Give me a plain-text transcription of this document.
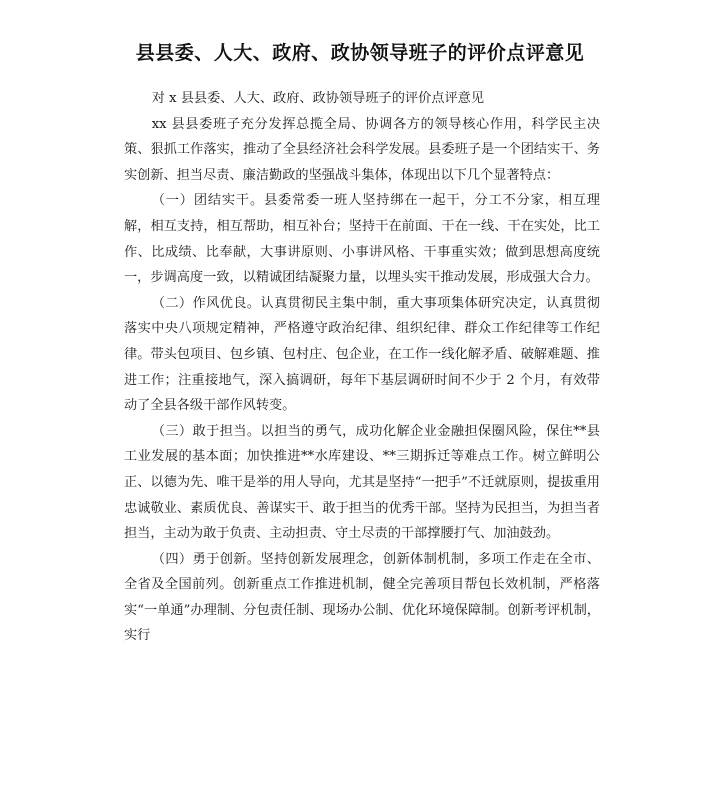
县县委、人大、政府、政协领导班子的评价点评意见

对 x 县县委、人大、政府、政协领导班子的评价点评意见

xx 县县委班子充分发挥总揽全局、协调各方的领导核心作用，科学民主决策、狠抓工作落实，推动了全县经济社会科学发展。县委班子是一个团结实干、务实创新、担当尽责、廉洁勤政的坚强战斗集体，体现出以下几个显著特点：

（一）团结实干。县委常委一班人坚持绑在一起干，分工不分家，相互理解，相互支持，相互帮助，相互补台；坚持干在前面、干在一线、干在实处，比工作、比成绩、比奉献，大事讲原则、小事讲风格、干事重实效；做到思想高度统一，步调高度一致，以精诚团结凝聚力量，以埋头实干推动发展，形成强大合力。

（二）作风优良。认真贯彻民主集中制，重大事项集体研究决定，认真贯彻落实中央八项规定精神，严格遵守政治纪律、组织纪律、群众工作纪律等工作纪律。带头包项目、包乡镇、包村庄、包企业，在工作一线化解矛盾、破解难题、推进工作；注重接地气，深入搞调研，每年下基层调研时间不少于 2 个月，有效带动了全县各级干部作风转变。

（三）敢于担当。以担当的勇气，成功化解企业金融担保圈风险，保住**县工业发展的基本面；加快推进**水库建设、**三期拆迁等难点工作。树立鲜明公正、以德为先、唯干是举的用人导向，尤其是坚持“一把手”不迁就原则，提拔重用忠诚敬业、素质优良、善谋实干、敢于担当的优秀干部。坚持为民担当，为担当者担当，主动为敢于负责、主动担责、守土尽责的干部撑腰打气、加油鼓劲。

（四）勇于创新。坚持创新发展理念，创新体制机制，多项工作走在全市、全省及全国前列。创新重点工作推进机制，健全完善项目帮包长效机制，严格落实“一单通”办理制、分包责任制、现场办公制、优化环境保障制。创新考评机制，实行
